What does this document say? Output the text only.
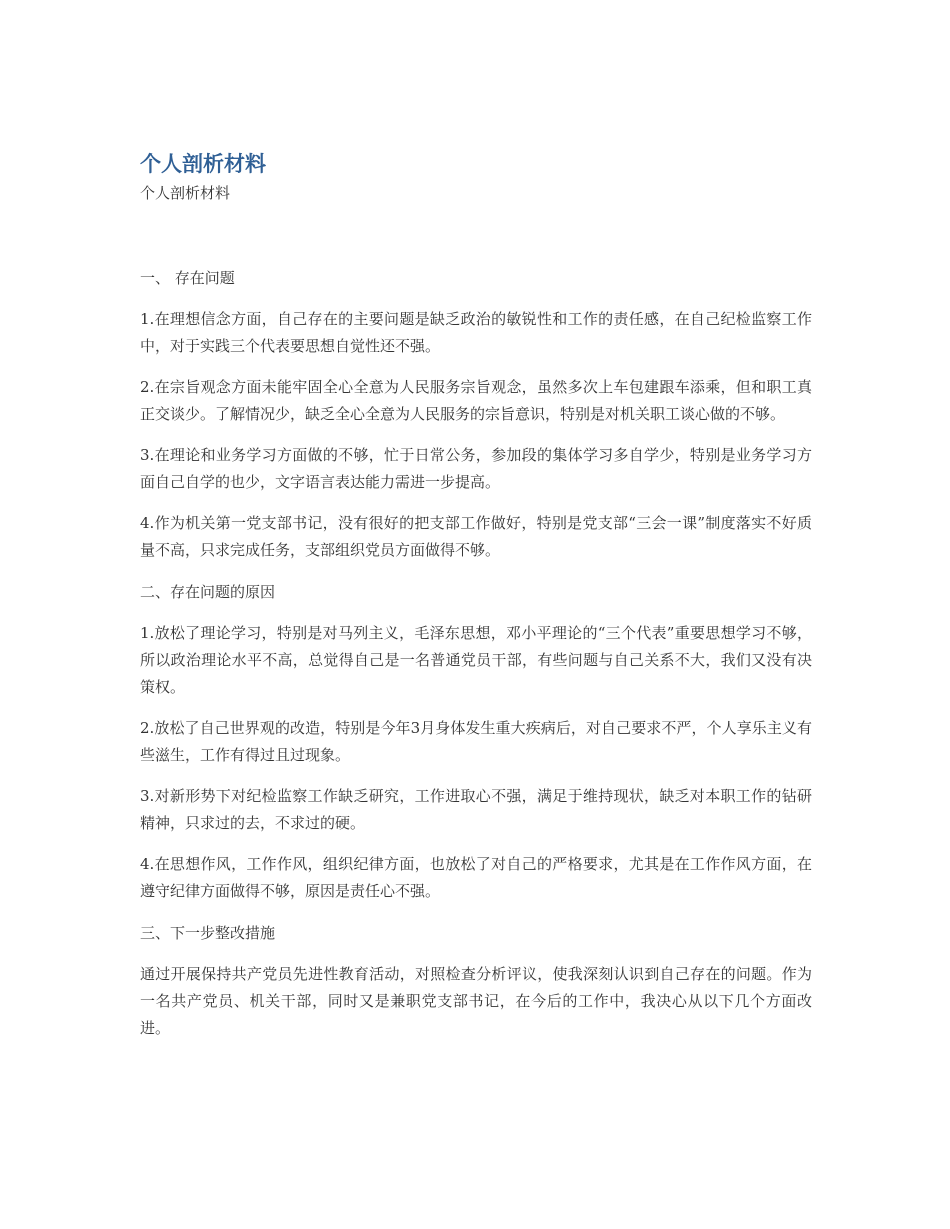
个人剖析材料

个人剖析材料

一、 存在问题

1.在理想信念方面，自己存在的主要问题是缺乏政治的敏锐性和工作的责任感，在自己纪检监察工作中，对于实践三个代表要思想自觉性还不强。

2.在宗旨观念方面未能牢固全心全意为人民服务宗旨观念，虽然多次上车包建跟车添乘，但和职工真正交谈少。了解情况少，缺乏全心全意为人民服务的宗旨意识，特别是对机关职工谈心做的不够。

3.在理论和业务学习方面做的不够，忙于日常公务，参加段的集体学习多自学少，特别是业务学习方面自己自学的也少，文字语言表达能力需进一步提高。

4.作为机关第一党支部书记，没有很好的把支部工作做好，特别是党支部“三会一课”制度落实不好质量不高，只求完成任务，支部组织党员方面做得不够。

二、存在问题的原因

1.放松了理论学习，特别是对马列主义，毛泽东思想，邓小平理论的“三个代表”重要思想学习不够，所以政治理论水平不高，总觉得自己是一名普通党员干部，有些问题与自己关系不大，我们又没有决策权。

2.放松了自己世界观的改造，特别是今年3月身体发生重大疾病后，对自己要求不严，个人享乐主义有些滋生，工作有得过且过现象。

3.对新形势下对纪检监察工作缺乏研究，工作进取心不强，满足于维持现状，缺乏对本职工作的钻研精神，只求过的去，不求过的硬。

4.在思想作风，工作作风，组织纪律方面，也放松了对自己的严格要求，尤其是在工作作风方面，在遵守纪律方面做得不够，原因是责任心不强。

三、下一步整改措施

通过开展保持共产党员先进性教育活动，对照检查分析评议，使我深刻认识到自己存在的问题。作为一名共产党员、机关干部，同时又是兼职党支部书记，在今后的工作中，我决心从以下几个方面改进。
